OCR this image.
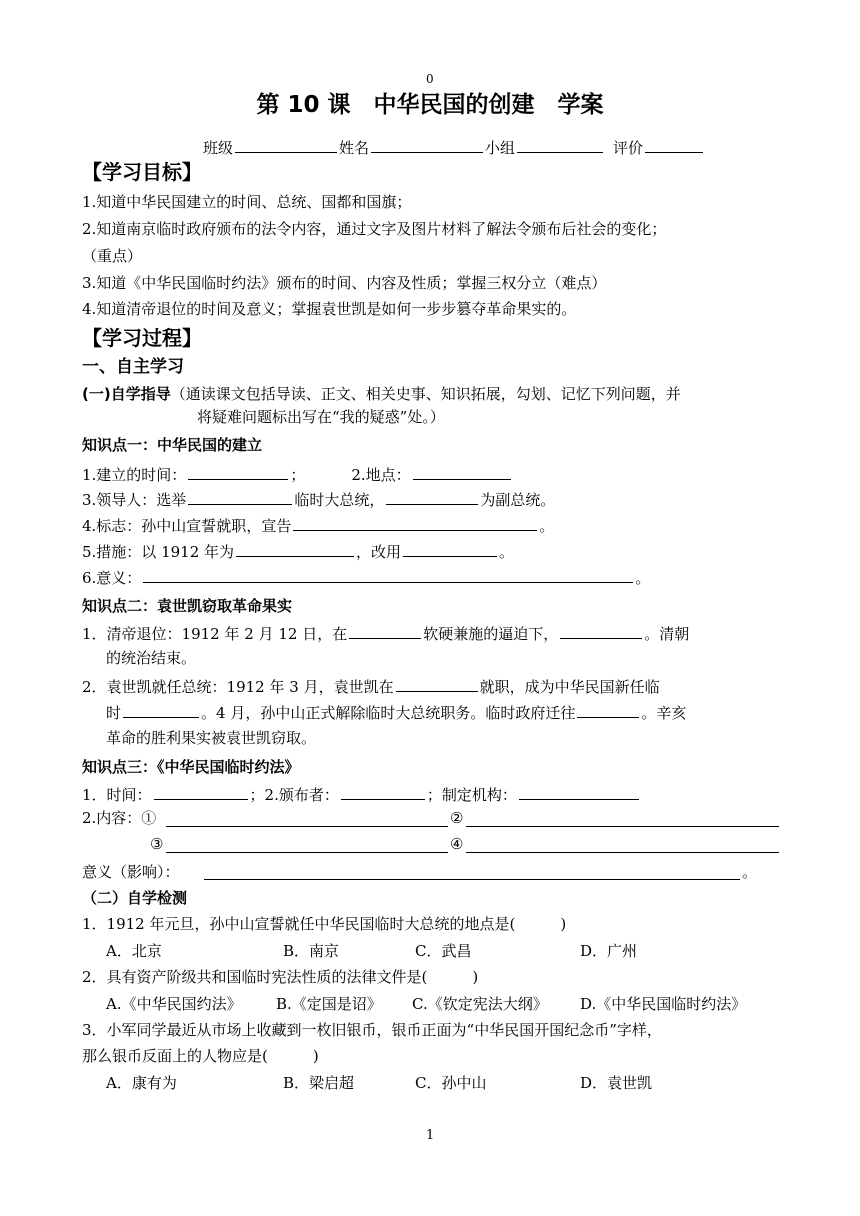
0
第 10 课　中华民国的创建　学案
班级	姓名	小组	评价
【学习目标】
1.知道中华民国建立的时间、总统、国都和国旗；
2.知道南京临时政府颁布的法令内容，通过文字及图片材料了解法令颁布后社会的变化；
（重点）
3.知道《中华民国临时约法》颁布的时间、内容及性质；掌握三权分立（难点）
4.知道清帝退位的时间及意义；掌握袁世凯是如何一步步篡夺革命果实的。
【学习过程】
一、自主学习
(一)自学指导（通读课文包括导读、正文、相关史事、知识拓展，勾划、记忆下列问题，并
将疑难问题标出写在“我的疑惑”处。）
知识点一：中华民国的建立
1.建立的时间：	；	2.地点：
3.领导人：选举	临时大总统，	为副总统。
4.标志：孙中山宣誓就职，宣告	。
5.措施：以 1912 年为	，改用	。
6.意义：	。
知识点二：袁世凯窃取革命果实
1．清帝退位：1912 年 2 月 12 日，在	软硬兼施的逼迫下，	。清朝
的统治结束。
2．袁世凯就任总统：1912 年 3 月，袁世凯在	就职，成为中华民国新任临
时	。4 月，孙中山正式解除临时大总统职务。临时政府迁往	。辛亥
革命的胜利果实被袁世凯窃取。
知识点三：《中华民国临时约法》
1．时间：	；2.颁布者：	；制定机构：
2.内容：①	②
③	④
意义（影响）：	。
（二）自学检测
1．1912 年元旦，孙中山宣誓就任中华民国临时大总统的地点是(　　　)
A．北京	B．南京	C．武昌	D．广州
2．具有资产阶级共和国临时宪法性质的法律文件是(　　　)
A.《中华民国约法》 B.《定国是诏》 C.《钦定宪法大纲》 D.《中华民国临时约法》
3．小军同学最近从市场上收藏到一枚旧银币，银币正面为“中华民国开国纪念币”字样，
那么银币反面上的人物应是(　　　)
A．康有为	B．梁启超	C．孙中山	D．袁世凯
1
